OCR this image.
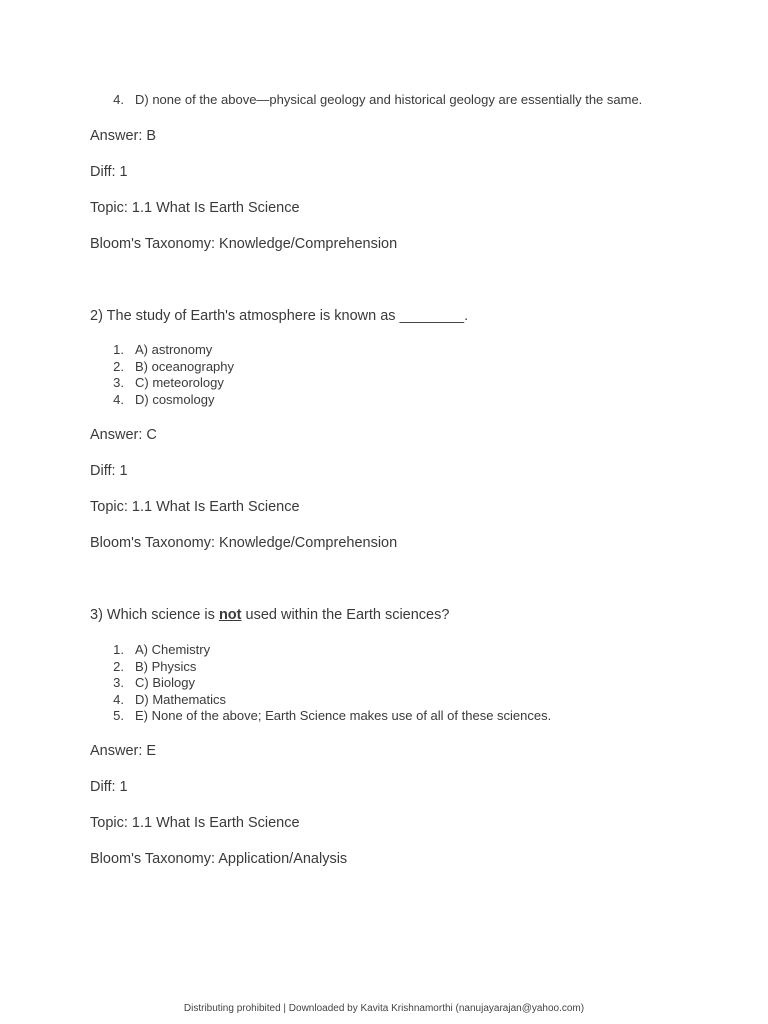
4. D) none of the above—physical geology and historical geology are essentially the same.
Answer: B
Diff: 1
Topic: 1.1 What Is Earth Science
Bloom's Taxonomy: Knowledge/Comprehension
2) The study of Earth's atmosphere is known as ________.
1. A) astronomy
2. B) oceanography
3. C) meteorology
4. D) cosmology
Answer: C
Diff: 1
Topic: 1.1 What Is Earth Science
Bloom's Taxonomy: Knowledge/Comprehension
3) Which science is not used within the Earth sciences?
1. A) Chemistry
2. B) Physics
3. C) Biology
4. D) Mathematics
5. E) None of the above; Earth Science makes use of all of these sciences.
Answer: E
Diff: 1
Topic: 1.1 What Is Earth Science
Bloom's Taxonomy: Application/Analysis
Distributing prohibited | Downloaded by Kavita Krishnamorthi (nanujayarajan@yahoo.com)
